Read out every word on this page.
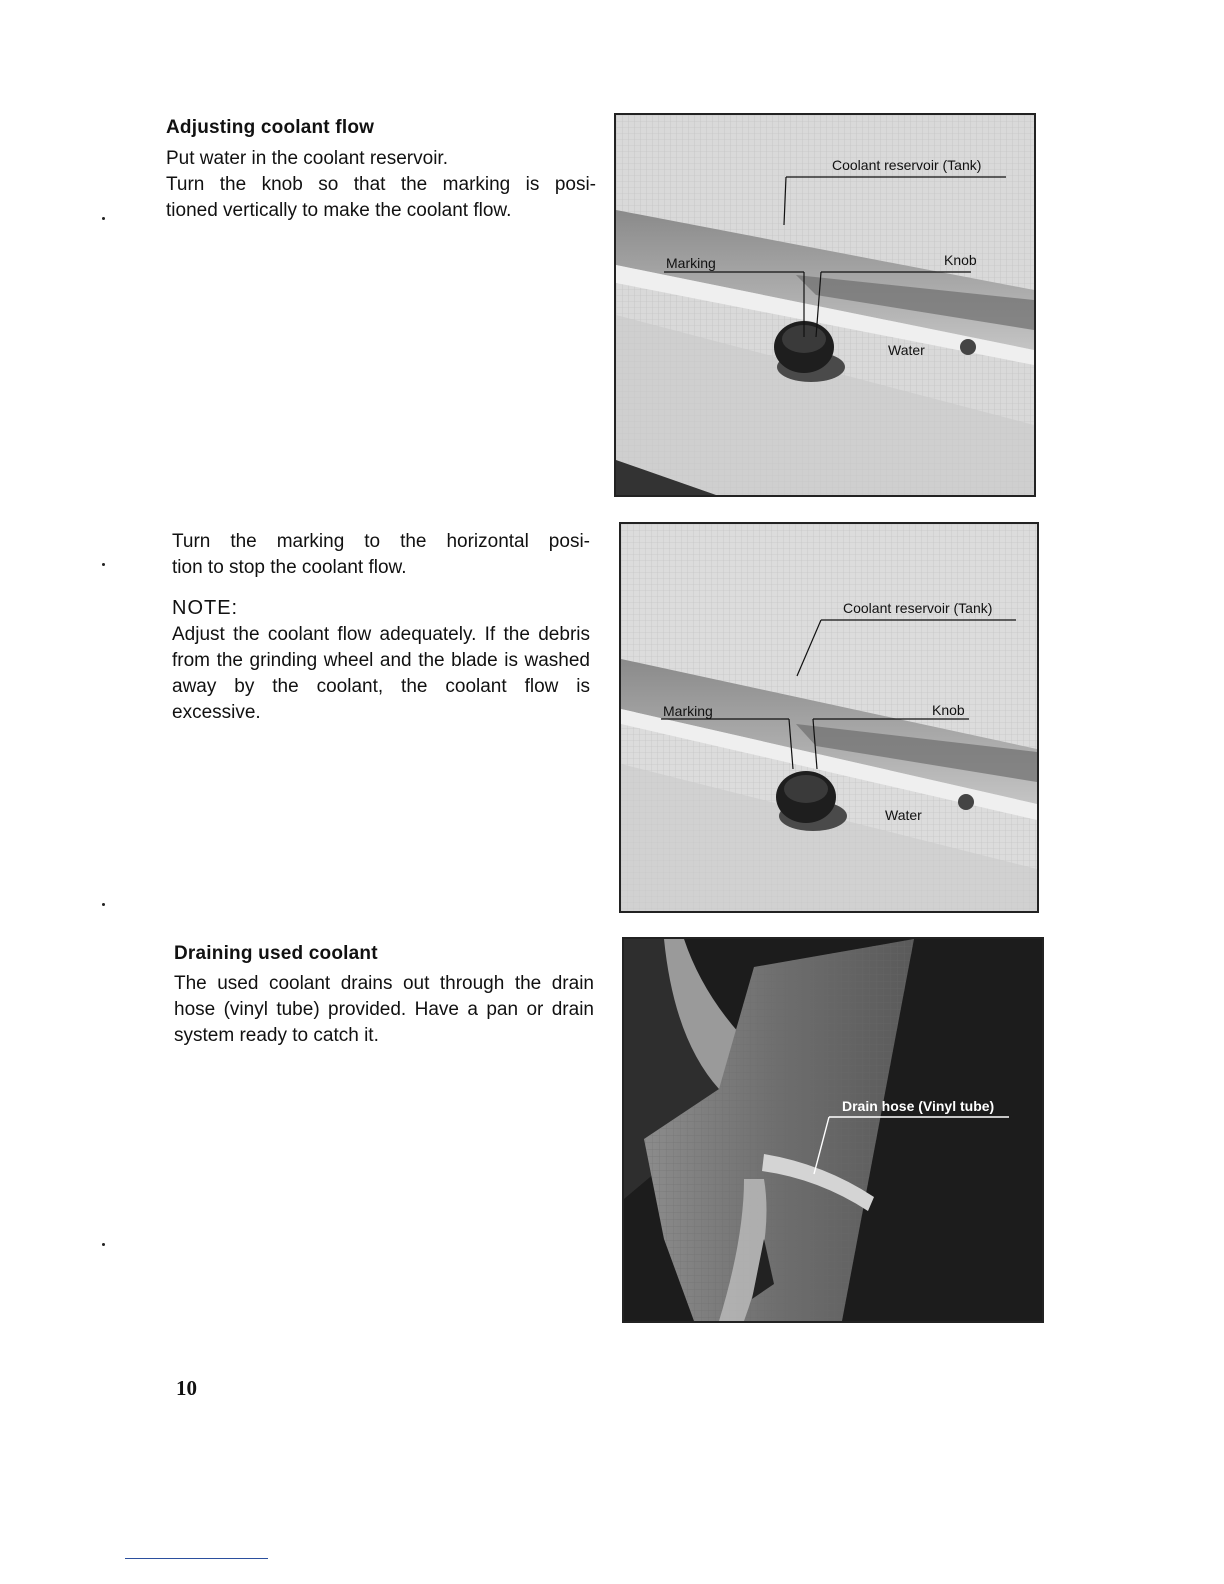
Adjusting coolant flow

Put water in the coolant reservoir.

Turn the knob so that the marking is posi-

tioned vertically to make the coolant flow.

Turn the marking to the horizontal posi-

tion to stop the coolant flow.

NOTE:
Adjust the coolant flow adequately. If the debris from the grinding wheel and the blade is washed away by the coolant, the coolant flow is excessive.
Draining used coolant
The used coolant drains out through the drain hose (vinyl tube) provided. Have a pan or drain system ready to catch it.
10
Coolant reservoir (Tank)
Marking	Knob
Water
Coolant reservoir (Tank)
Marking	Knob
Water
Drain hose (Vinyl tube)
